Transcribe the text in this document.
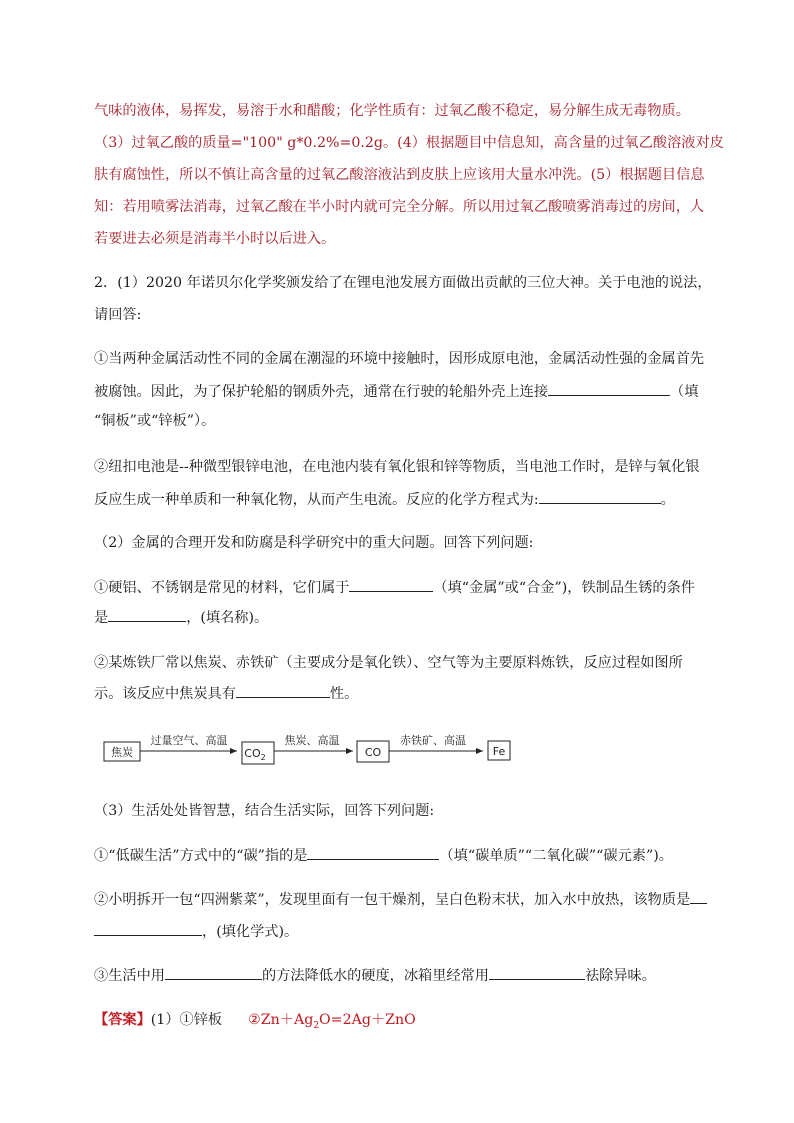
气味的液体，易挥发，易溶于水和醋酸；化学性质有：过氧乙酸不稳定，易分解生成无毒物质。
（3）过氧乙酸的质量="100" g*0.2%=0.2g。(4）根据题目中信息知，高含量的过氧乙酸溶液对皮
肤有腐蚀性，所以不慎让高含量的过氧乙酸溶液沾到皮肤上应该用大量水冲洗。(5）根据题目信息
知：若用喷雾法消毒，过氧乙酸在半小时内就可完全分解。所以用过氧乙酸喷雾消毒过的房间，人
若要进去必须是消毒半小时以后进入。
2．(1）2020 年诺贝尔化学奖颁发给了在锂电池发展方面做出贡献的三位大神。关于电池的说法，
请回答:
①当两种金属活动性不同的金属在潮湿的环境中接触时，因形成原电池，金属活动性强的金属首先
被腐蚀。因此，为了保护轮船的钢质外壳，通常在行驶的轮船外壳上连接	（填
“铜板”或“锌板”）。
②纽扣电池是--种微型银锌电池，在电池内装有氧化银和锌等物质，当电池工作时，是锌与氧化银
反应生成一种单质和一种氧化物，从而产生电流。反应的化学方程式为:	。
（2）金属的合理开发和防腐是科学研究中的重大问题。回答下列问题:
①硬铝、不锈钢是常见的材料，它们属于	（填“金属”或“合金”)，铁制品生锈的条件
是	，(填名称)。
②某炼铁厂常以焦炭、赤铁矿（主要成分是氧化铁）、空气等为主要原料炼铁，反应过程如图所
示。该反应中焦炭具有	性。
焦炭
过量空气、高温
$CO_2$
焦炭、高温
CO
赤铁矿、高温
Fe
（3）生活处处皆智慧，结合生活实际，回答下列问题:
①“低碳生活”方式中的“碳”指的是	（填“碳单质”“二氧化碳”“碳元素”)。
②小明拆开一包“四洲紫菜”，发现里面有一包干燥剂，呈白色粉末状，加入水中放热，该物质是
，(填化学式)。
③生活中用	的方法降低水的硬度，冰箱里经常用	祛除异味。
【答案】(1）①锌板 $②Zn+Ag_2O=2Ag+ZnO$
